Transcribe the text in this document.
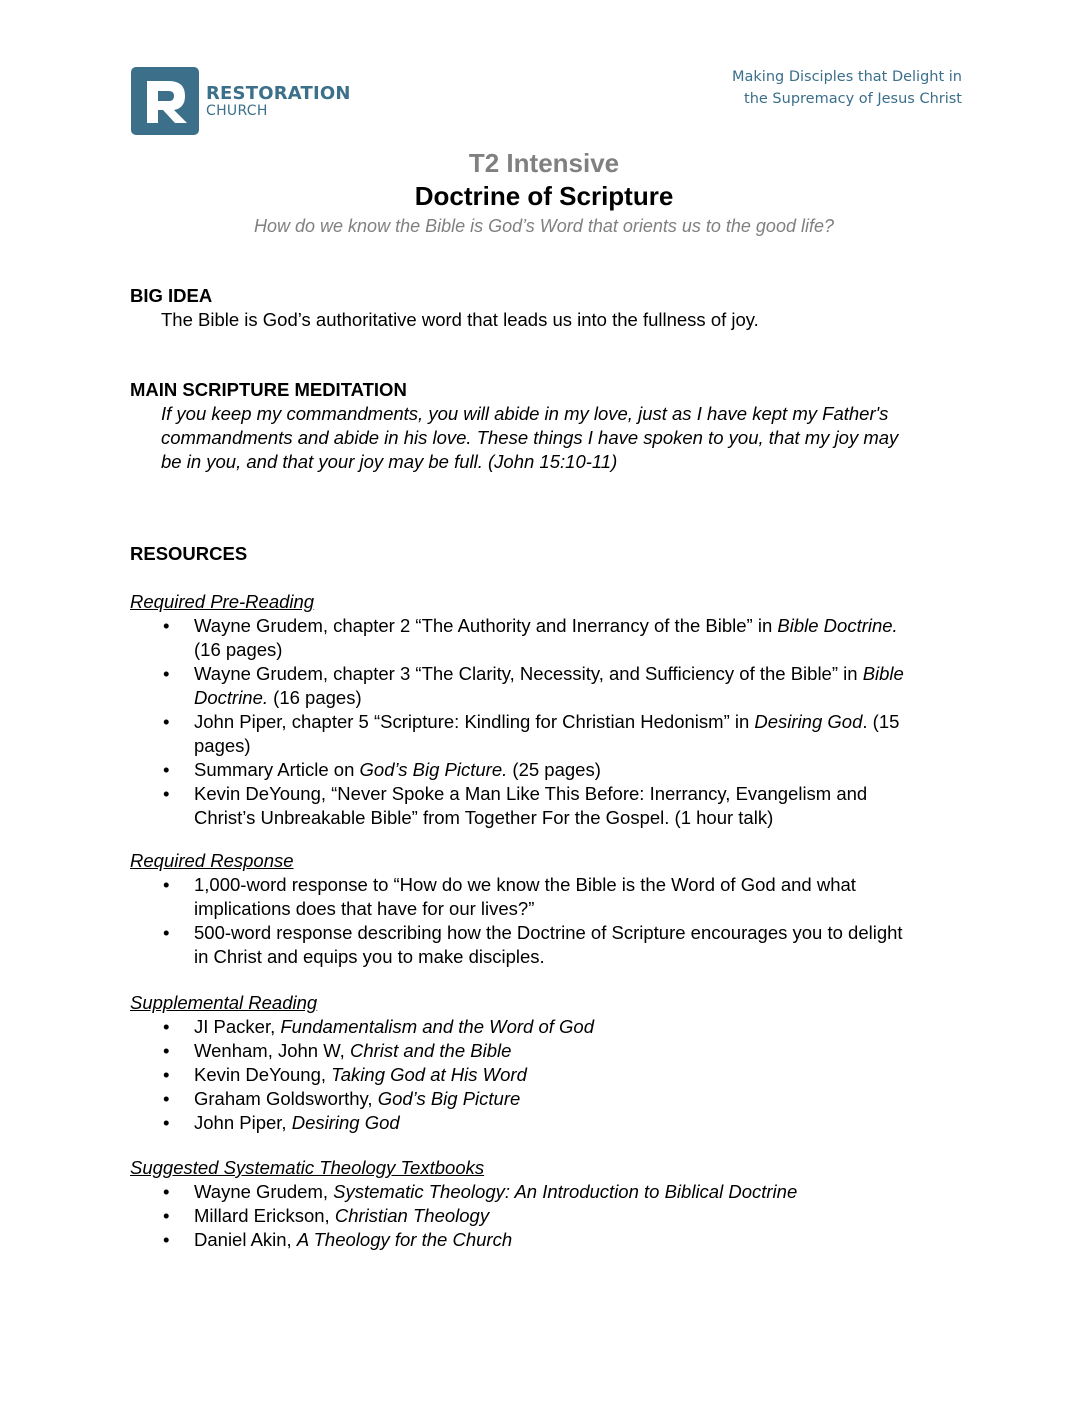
RESTORATION
CHURCH
Making Disciples that Delight in
the Supremacy of Jesus Christ
T2 Intensive
Doctrine of Scripture
How do we know the Bible is God’s Word that orients us to the good life?
BIG IDEA
The Bible is God’s authoritative word that leads us into the fullness of joy.
MAIN SCRIPTURE MEDITATION
If you keep my commandments, you will abide in my love, just as I have kept my Father's
commandments and abide in his love. These things I have spoken to you, that my joy may
be in you, and that your joy may be full. (John 15:10-11)
RESOURCES
Required Pre-Reading
• Wayne Grudem, chapter 2 “The Authority and Inerrancy of the Bible” in Bible Doctrine.
(16 pages)
• Wayne Grudem, chapter 3 “The Clarity, Necessity, and Sufficiency of the Bible” in Bible
Doctrine. (16 pages)
• John Piper, chapter 5 “Scripture: Kindling for Christian Hedonism” in Desiring God. (15
pages)
• Summary Article on God’s Big Picture. (25 pages)
• Kevin DeYoung, “Never Spoke a Man Like This Before: Inerrancy, Evangelism and
Christ’s Unbreakable Bible” from Together For the Gospel. (1 hour talk)
Required Response
• 1,000-word response to “How do we know the Bible is the Word of God and what
implications does that have for our lives?”
• 500-word response describing how the Doctrine of Scripture encourages you to delight
in Christ and equips you to make disciples.
Supplemental Reading
• JI Packer, Fundamentalism and the Word of God
• Wenham, John W, Christ and the Bible
• Kevin DeYoung, Taking God at His Word
• Graham Goldsworthy, God’s Big Picture
• John Piper, Desiring God
Suggested Systematic Theology Textbooks
• Wayne Grudem, Systematic Theology: An Introduction to Biblical Doctrine
• Millard Erickson, Christian Theology
• Daniel Akin, A Theology for the Church
